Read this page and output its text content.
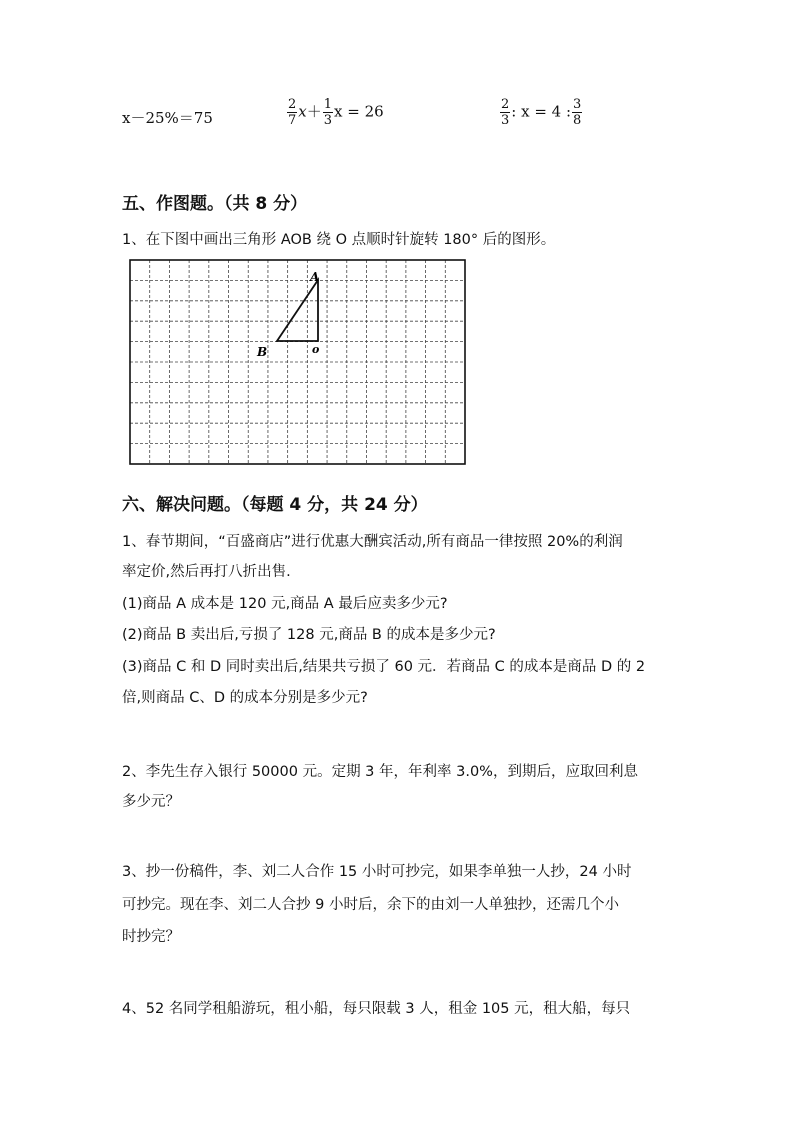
x－25%＝75	$\frac{2}{7} x+ \frac{1}{3}$ x = 26	$\frac{2}{3}$ : x = 4 : $\frac{3}{8}$
五、作图题。（共 8 分）
1、在下图中画出三角形 AOB 绕 O 点顺时针旋转 180° 后的图形。
A
B	o
六、解决问题。（每题 4 分，共 24 分）
1、春节期间，“百盛商店”进行优惠大酬宾活动,所有商品一律按照 20%的利润
率定价,然后再打八折出售.
(1)商品 A 成本是 120 元,商品 A 最后应卖多少元?
(2)商品 B 卖出后,亏损了 128 元,商品 B 的成本是多少元?
(3)商品 C 和 D 同时卖出后,结果共亏损了 60 元．若商品 C 的成本是商品 D 的 2
倍,则商品 C、D 的成本分别是多少元?
2、李先生存入银行 50000 元。定期 3 年，年利率 3.0%，到期后，应取回利息
多少元？
3、抄一份稿件，李、刘二人合作 15 小时可抄完，如果李单独一人抄，24 小时
可抄完。现在李、刘二人合抄 9 小时后，余下的由刘一人单独抄，还需几个小
时抄完？
4、52 名同学租船游玩，租小船，每只限载 3 人，租金 105 元，租大船，每只
